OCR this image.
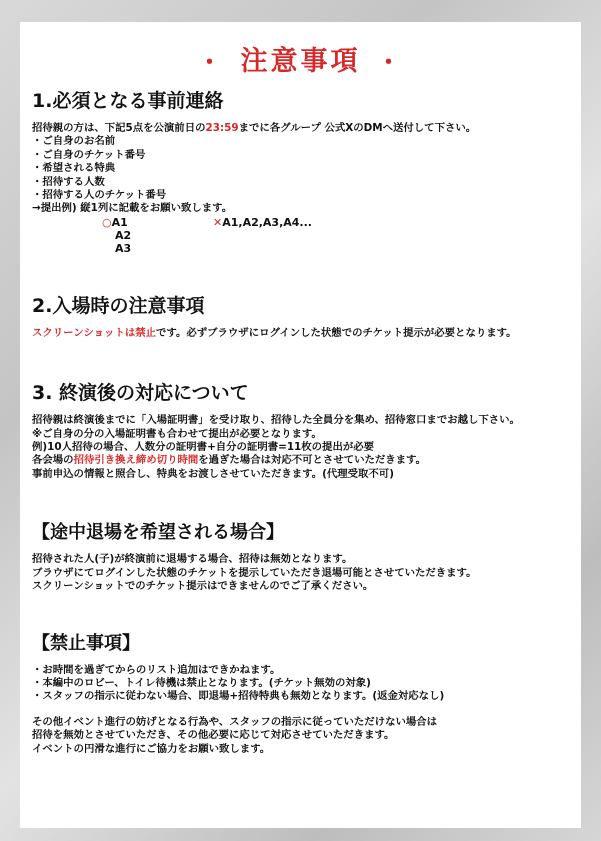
・ 注意事項 ・
1.必須となる事前連絡
招待親の方は、下記5点を公演前日の23:59までに各グループ 公式XのDMへ送付して下さい。
・ご自身のお名前
・ご自身のチケット番号
・希望される特典
・招待する人数
・招待する人のチケット番号
→提出例) 縦1列に記載をお願い致します。
○A1	✕A1,A2,A3,A4...
A2
A3
2.入場時の注意事項
スクリーンショットは禁止です。必ずブラウザにログインした状態でのチケット提示が必要となります。
3. 終演後の対応について
招待親は終演後までに「入場証明書」を受け取り、招待した全員分を集め、招待窓口までお越し下さい。
※ご自身の分の入場証明書も合わせて提出が必要となります。
例)10人招待の場合、人数分の証明書+自分の証明書=11枚の提出が必要
各会場の招待引き換え締め切り時間を過ぎた場合は対応不可とさせていただきます。
事前申込の情報と照合し、特典をお渡しさせていただきます。(代理受取不可)
【途中退場を希望される場合】
招待された人(子)が終演前に退場する場合、招待は無効となります。
ブラウザにてログインした状態のチケットを提示していただき退場可能とさせていただきます。
スクリーンショットでのチケット提示はできませんのでご了承ください。
【禁止事項】
・お時間を過ぎてからのリスト追加はできかねます。
・本編中のロビー、トイレ待機は禁止となります。(チケット無効の対象)
・スタッフの指示に従わない場合、即退場+招待特典も無効となります。(返金対応なし)
その他イベント進行の妨げとなる行為や、スタッフの指示に従っていただけない場合は
招待を無効とさせていただき、その他必要に応じて対応させていただきます。
イベントの円滑な進行にご協力をお願い致します。
